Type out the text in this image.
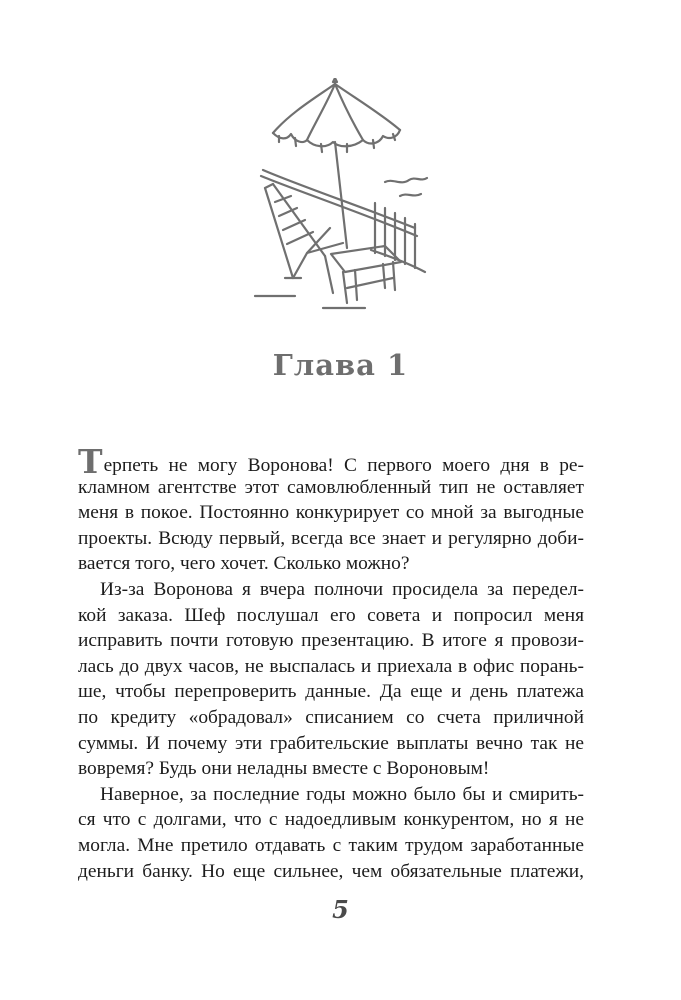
Глава 1
Терпеть не могу Воронова! С первого моего дня в ре-
кламном агентстве этот самовлюбленный тип не оставляет
меня в покое. Постоянно конкурирует со мной за выгодные
проекты. Всюду первый, всегда все знает и регулярно доби-
вается того, чего хочет. Сколько можно?
Из-за Воронова я вчера полночи просидела за передел-
кой заказа. Шеф послушал его совета и попросил меня
исправить почти готовую презентацию. В итоге я провози-
лась до двух часов, не выспалась и приехала в офис порань-
ше, чтобы перепроверить данные. Да еще и день платежа
по кредиту «обрадовал» списанием со счета приличной
суммы. И почему эти грабительские выплаты вечно так не
вовремя? Будь они неладны вместе с Вороновым!
Наверное, за последние годы можно было бы и смирить-
ся что с долгами, что с надоедливым конкурентом, но я не
могла. Мне претило отдавать с таким трудом заработанные
деньги банку. Но еще сильнее, чем обязательные платежи,
5
